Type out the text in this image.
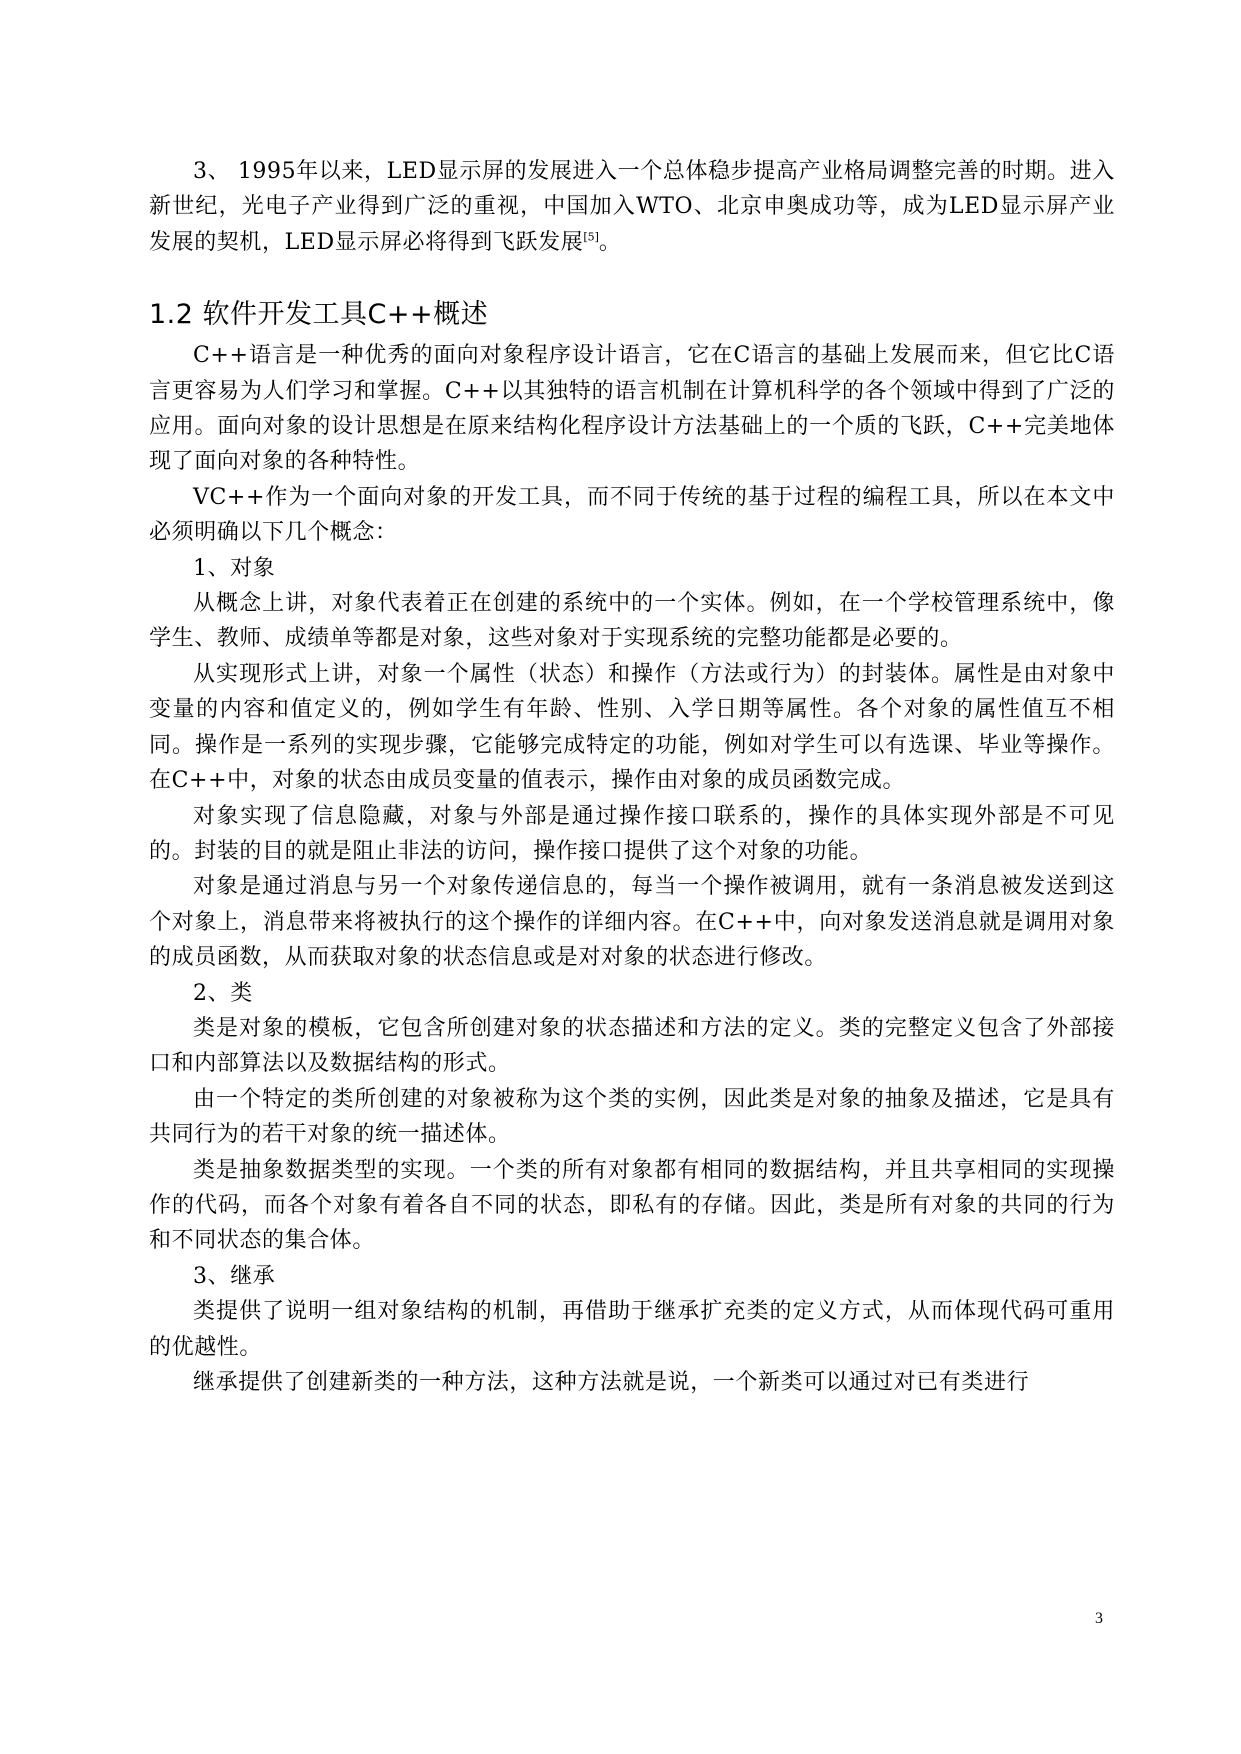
3、 1995年以来，LED显示屏的发展进入一个总体稳步提高产业格局调整完善的时期。进入新世纪，光电子产业得到广泛的重视，中国加入WTO、北京申奥成功等，成为LED显示屏产业发展的契机，LED显示屏必将得到飞跃发展[5]。

1.2 软件开发工具C++概述

C++语言是一种优秀的面向对象程序设计语言，它在C语言的基础上发展而来，但它比C语言更容易为人们学习和掌握。C++以其独特的语言机制在计算机科学的各个领域中得到了广泛的应用。面向对象的设计思想是在原来结构化程序设计方法基础上的一个质的飞跃，C++完美地体现了面向对象的各种特性。

VC++作为一个面向对象的开发工具，而不同于传统的基于过程的编程工具，所以在本文中必须明确以下几个概念：

1、对象

从概念上讲，对象代表着正在创建的系统中的一个实体。例如，在一个学校管理系统中，像学生、教师、成绩单等都是对象，这些对象对于实现系统的完整功能都是必要的。

从实现形式上讲，对象一个属性（状态）和操作（方法或行为）的封装体。属性是由对象中变量的内容和值定义的，例如学生有年龄、性别、入学日期等属性。各个对象的属性值互不相同。操作是一系列的实现步骤，它能够完成特定的功能，例如对学生可以有选课、毕业等操作。在C++中，对象的状态由成员变量的值表示，操作由对象的成员函数完成。

对象实现了信息隐藏，对象与外部是通过操作接口联系的，操作的具体实现外部是不可见的。封装的目的就是阻止非法的访问，操作接口提供了这个对象的功能。

对象是通过消息与另一个对象传递信息的，每当一个操作被调用，就有一条消息被发送到这个对象上，消息带来将被执行的这个操作的详细内容。在C++中，向对象发送消息就是调用对象的成员函数，从而获取对象的状态信息或是对对象的状态进行修改。

2、类

类是对象的模板，它包含所创建对象的状态描述和方法的定义。类的完整定义包含了外部接口和内部算法以及数据结构的形式。

由一个特定的类所创建的对象被称为这个类的实例，因此类是对象的抽象及描述，它是具有共同行为的若干对象的统一描述体。

类是抽象数据类型的实现。一个类的所有对象都有相同的数据结构，并且共享相同的实现操作的代码，而各个对象有着各自不同的状态，即私有的存储。因此，类是所有对象的共同的行为和不同状态的集合体。

3、继承

类提供了说明一组对象结构的机制，再借助于继承扩充类的定义方式，从而体现代码可重用的优越性。

继承提供了创建新类的一种方法，这种方法就是说，一个新类可以通过对已有类进行

3
